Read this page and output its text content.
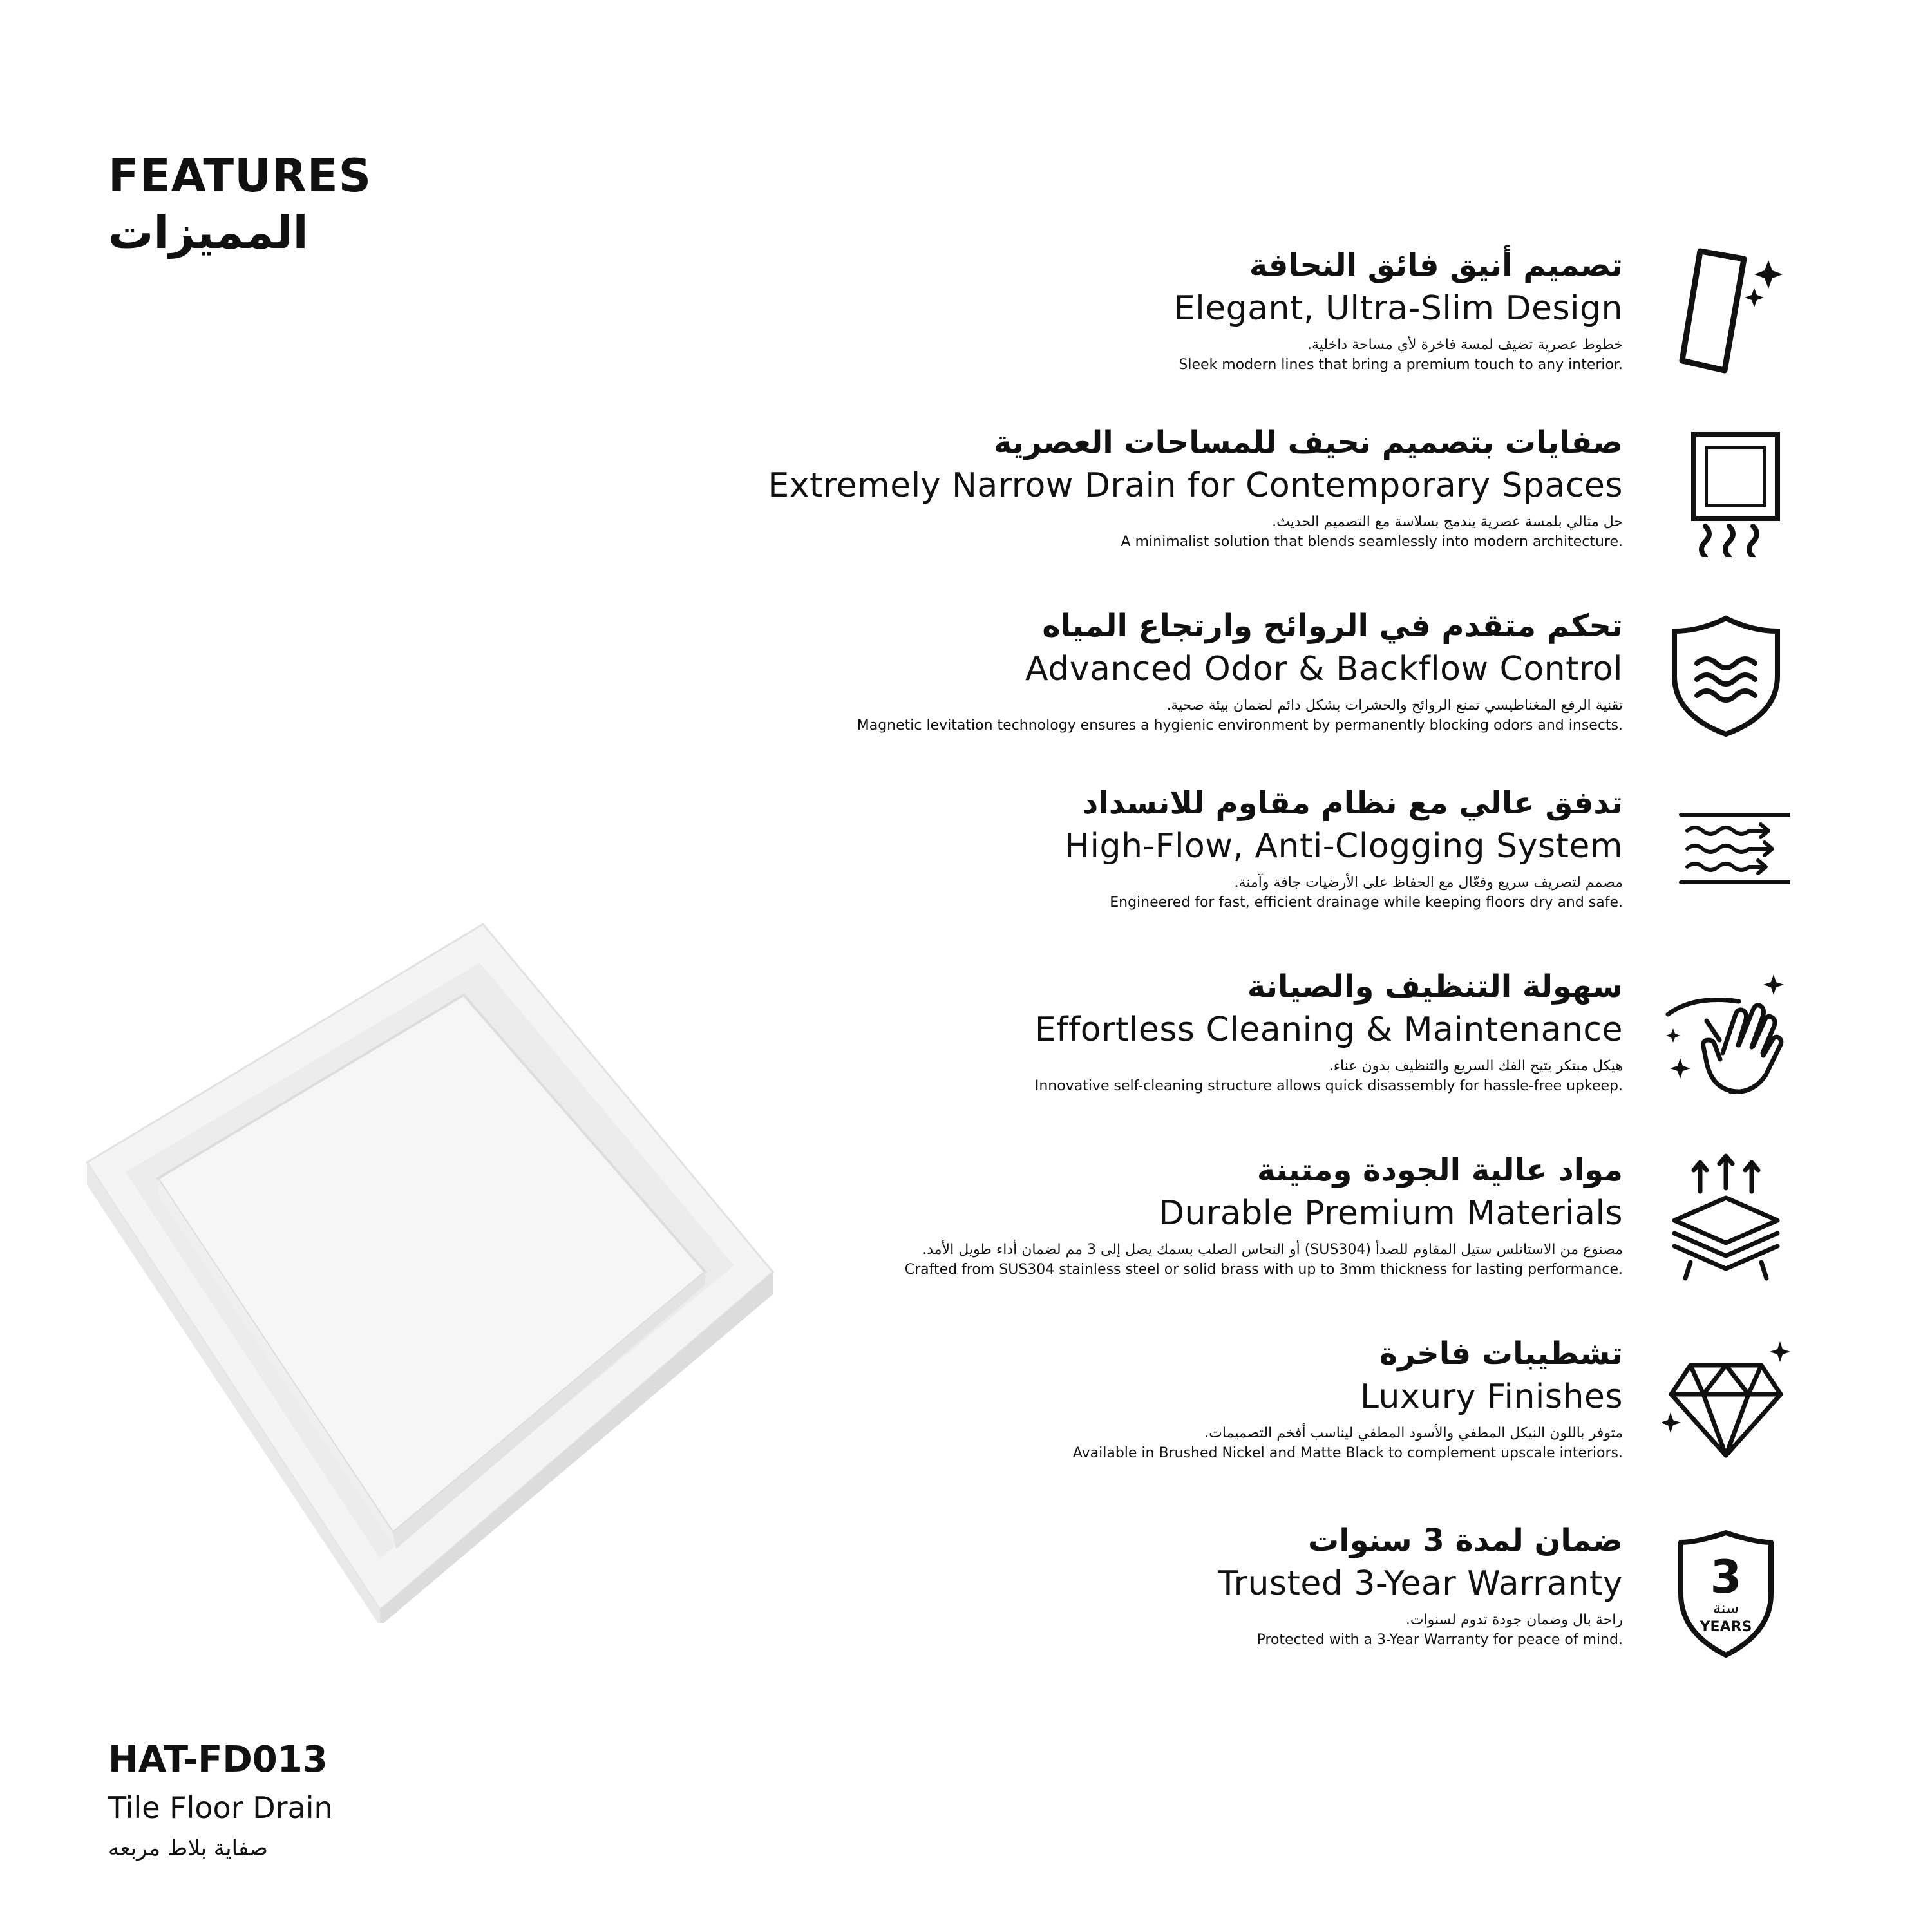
FEATURES
المميزات
تصميم أنيق فائق النحافة
Elegant, Ultra-Slim Design
خطوط عصرية تضيف لمسة فاخرة لأي مساحة داخلية.
Sleek modern lines that bring a premium touch to any interior.
صفايات بتصميم نحيف للمساحات العصرية
Extremely Narrow Drain for Contemporary Spaces
حل مثالي بلمسة عصرية يندمج بسلاسة مع التصميم الحديث.
A minimalist solution that blends seamlessly into modern architecture.
تحكم متقدم في الروائح وارتجاع المياه
Advanced Odor & Backflow Control
تقنية الرفع المغناطيسي تمنع الروائح والحشرات بشكل دائم لضمان بيئة صحية.
Magnetic levitation technology ensures a hygienic environment by permanently blocking odors and insects.
تدفق عالي مع نظام مقاوم للانسداد
High-Flow, Anti-Clogging System
مصمم لتصريف سريع وفعّال مع الحفاظ على الأرضيات جافة وآمنة.
Engineered for fast, efficient drainage while keeping floors dry and safe.
سهولة التنظيف والصيانة
Effortless Cleaning & Maintenance
هيكل مبتكر يتيح الفك السريع والتنظيف بدون عناء.
Innovative self-cleaning structure allows quick disassembly for hassle-free upkeep.
مواد عالية الجودة ومتينة
Durable Premium Materials
مصنوع من الاستانلس ستيل المقاوم للصدأ (SUS304) أو النحاس الصلب بسمك يصل إلى 3 مم لضمان أداء طويل الأمد.
Crafted from SUS304 stainless steel or solid brass with up to 3mm thickness for lasting performance.
تشطيبات فاخرة
Luxury Finishes
متوفر باللون النيكل المطفي والأسود المطفي ليناسب أفخم التصميمات.
Available in Brushed Nickel and Matte Black to complement upscale interiors.
ضمان لمدة 3 سنوات
Trusted 3-Year Warranty
راحة بال وضمان جودة تدوم لسنوات.
Protected with a 3-Year Warranty for peace of mind.
3
سنة
YEARS
HAT-FD013
Tile Floor Drain
صفاية بلاط مربعه
